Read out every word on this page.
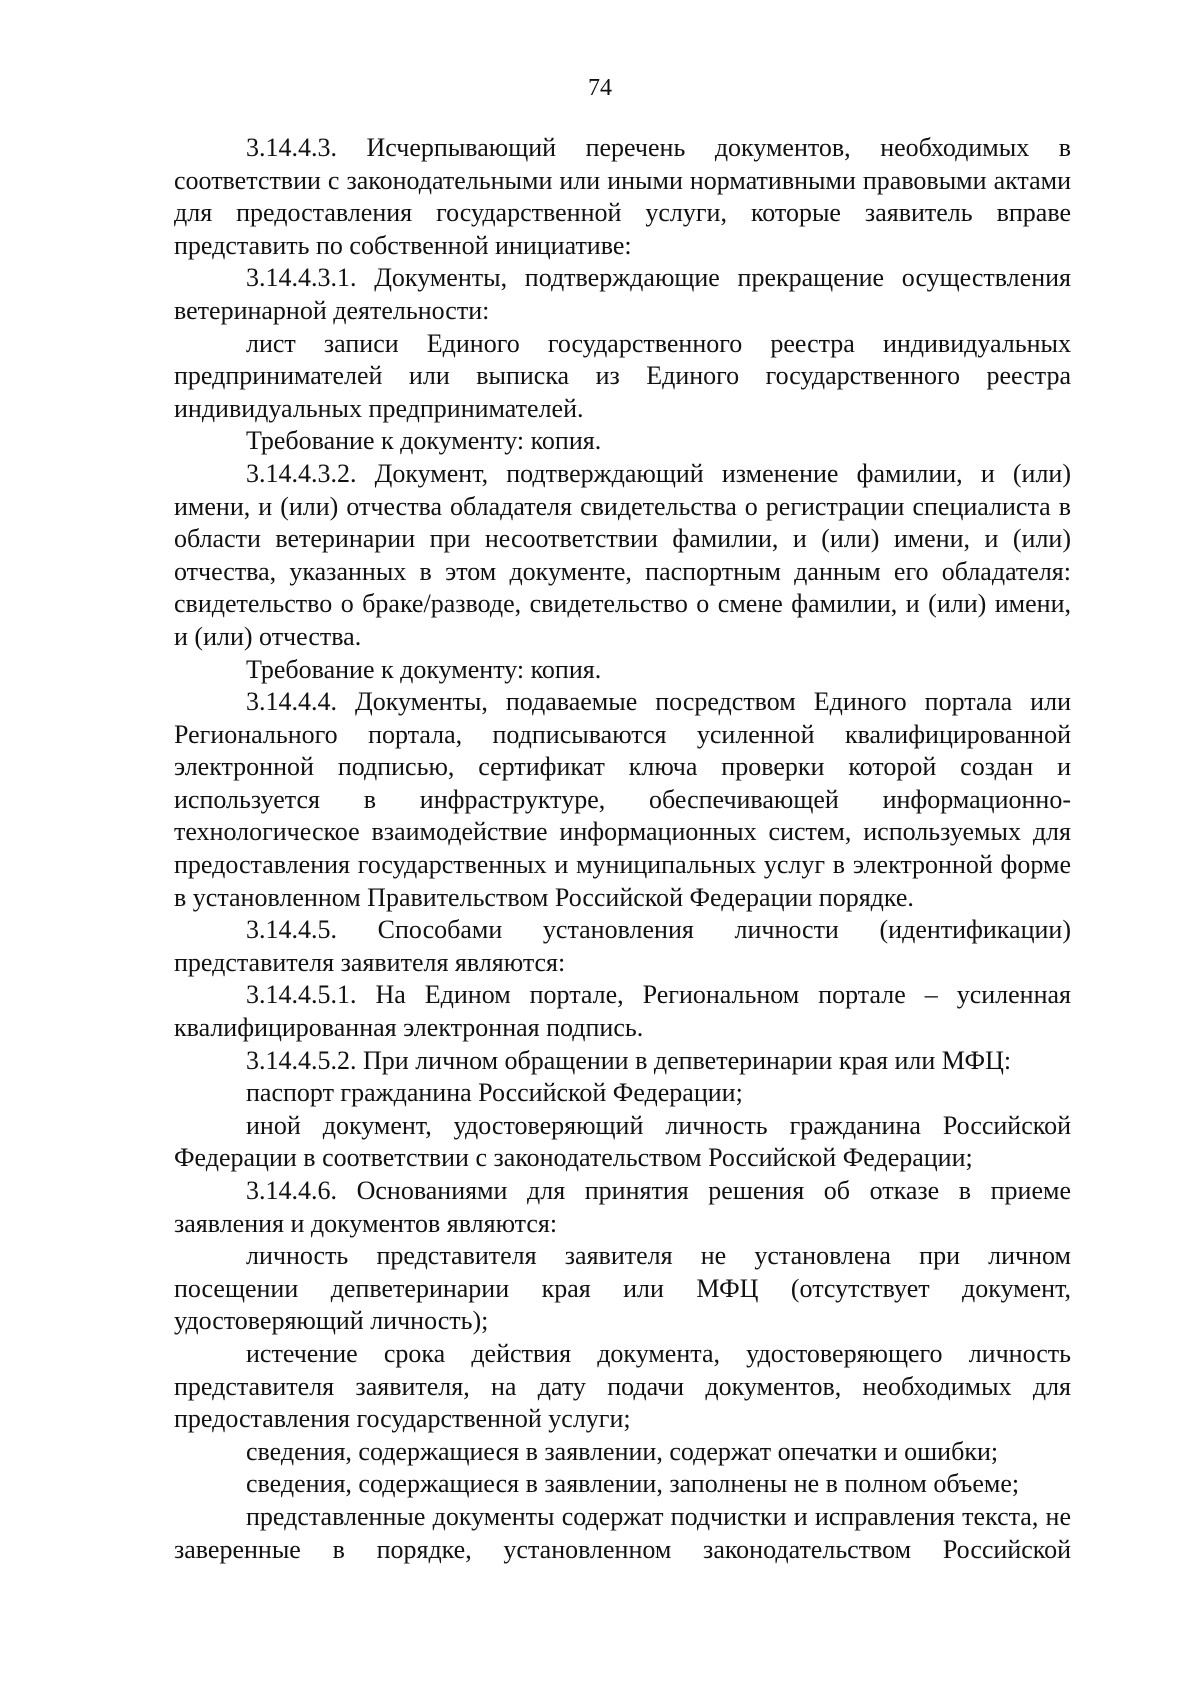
74

3.14.4.3. Исчерпывающий перечень документов, необходимых в соответствии с законодательными или иными нормативными правовыми актами для предоставления государственной услуги, которые заявитель вправе представить по собственной инициативе:

3.14.4.3.1. Документы, подтверждающие прекращение осуществления ветеринарной деятельности:

лист записи Единого государственного реестра индивидуальных предпринимателей или выписка из Единого государственного реестра индивидуальных предпринимателей.

Требование к документу: копия.

3.14.4.3.2. Документ, подтверждающий изменение фамилии, и (или) имени, и (или) отчества обладателя свидетельства о регистрации специалиста в области ветеринарии при несоответствии фамилии, и (или) имени, и (или) отчества, указанных в этом документе, паспортным данным его обладателя: свидетельство о браке/разводе, свидетельство о смене фамилии, и (или) имени, и (или) отчества.

Требование к документу: копия.

3.14.4.4. Документы, подаваемые посредством Единого портала или Регионального портала, подписываются усиленной квалифицированной электронной подписью, сертификат ключа проверки которой создан и используется в инфраструктуре, обеспечивающей информационно-технологическое взаимодействие информационных систем, используемых для предоставления государственных и муниципальных услуг в электронной форме в установленном Правительством Российской Федерации порядке.

3.14.4.5. Способами установления личности (идентификации) представителя заявителя являются:

3.14.4.5.1. На Едином портале, Региональном портале – усиленная квалифицированная электронная подпись.

3.14.4.5.2. При личном обращении в депветеринарии края или МФЦ:

паспорт гражданина Российской Федерации;

иной документ, удостоверяющий личность гражданина Российской Федерации в соответствии с законодательством Российской Федерации;

3.14.4.6. Основаниями для принятия решения об отказе в приеме заявления и документов являются:

личность представителя заявителя не установлена при личном посещении депветеринарии края или МФЦ (отсутствует документ, удостоверяющий личность);

истечение срока действия документа, удостоверяющего личность представителя заявителя, на дату подачи документов, необходимых для предоставления государственной услуги;

сведения, содержащиеся в заявлении, содержат опечатки и ошибки;

сведения, содержащиеся в заявлении, заполнены не в полном объеме;

представленные документы содержат подчистки и исправления текста, не заверенные в порядке, установленном законодательством Российской
